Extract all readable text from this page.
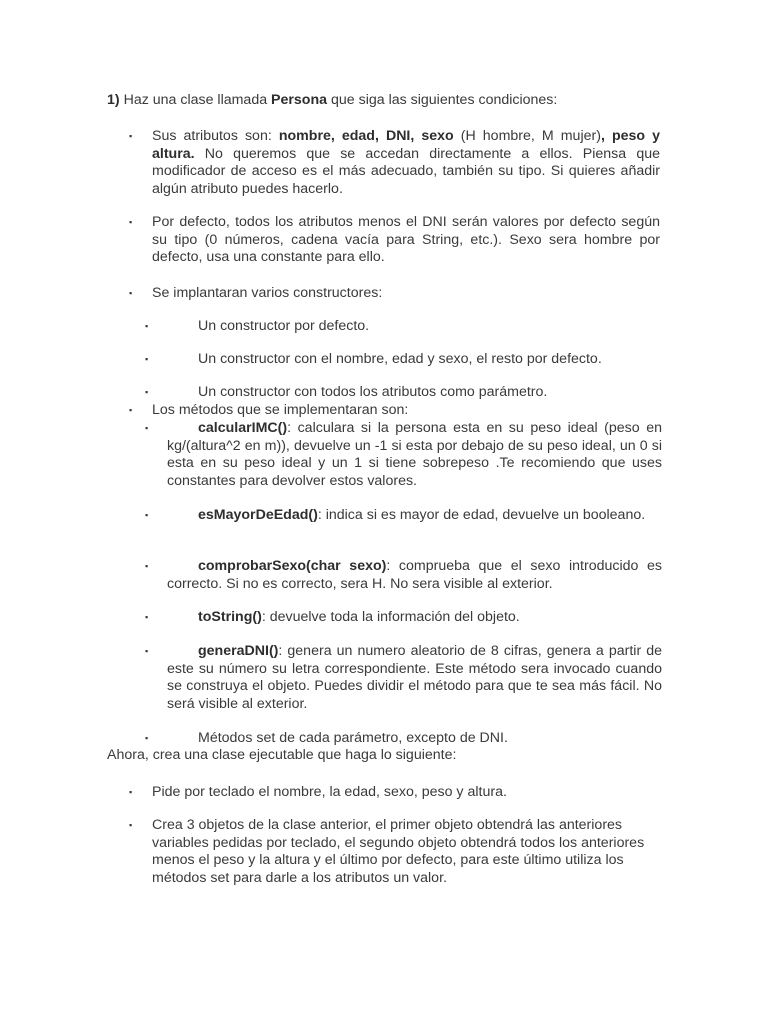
1) Haz una clase llamada Persona que siga las siguientes condiciones:

▪ Sus atributos son: nombre, edad, DNI, sexo (H hombre, M mujer), peso y altura. No queremos que se accedan directamente a ellos. Piensa que modificador de acceso es el más adecuado, también su tipo. Si quieres añadir algún atributo puedes hacerlo.

▪ Por defecto, todos los atributos menos el DNI serán valores por defecto según su tipo (0 números, cadena vacía para String, etc.). Sexo sera hombre por defecto, usa una constante para ello.

▪ Se implantaran varios constructores:

▪	Un constructor por defecto.

▪	Un constructor con el nombre, edad y sexo, el resto por defecto.

▪	Un constructor con todos los atributos como parámetro.

▪ Los métodos que se implementaran son:

▪	calcularIMC(): calculara si la persona esta en su peso ideal (peso en kg/(altura^2 en m)), devuelve un -1 si esta por debajo de su peso ideal, un 0 si esta en su peso ideal y un 1 si tiene sobrepeso .Te recomiendo que uses constantes para devolver estos valores.

▪	esMayorDeEdad(): indica si es mayor de edad, devuelve un booleano.

▪	comprobarSexo(char sexo): comprueba que el sexo introducido es correcto. Si no es correcto, sera H. No sera visible al exterior.

▪	toString(): devuelve toda la información del objeto.

▪	generaDNI(): genera un numero aleatorio de 8 cifras, genera a partir de este su número su letra correspondiente. Este método sera invocado cuando se construya el objeto. Puedes dividir el método para que te sea más fácil. No será visible al exterior.

▪	Métodos set de cada parámetro, excepto de DNI.

Ahora, crea una clase ejecutable que haga lo siguiente:

▪ Pide por teclado el nombre, la edad, sexo, peso y altura.

▪ Crea 3 objetos de la clase anterior, el primer objeto obtendrá las anteriores variables pedidas por teclado, el segundo objeto obtendrá todos los anteriores menos el peso y la altura y el último por defecto, para este último utiliza los métodos set para darle a los atributos un valor.
